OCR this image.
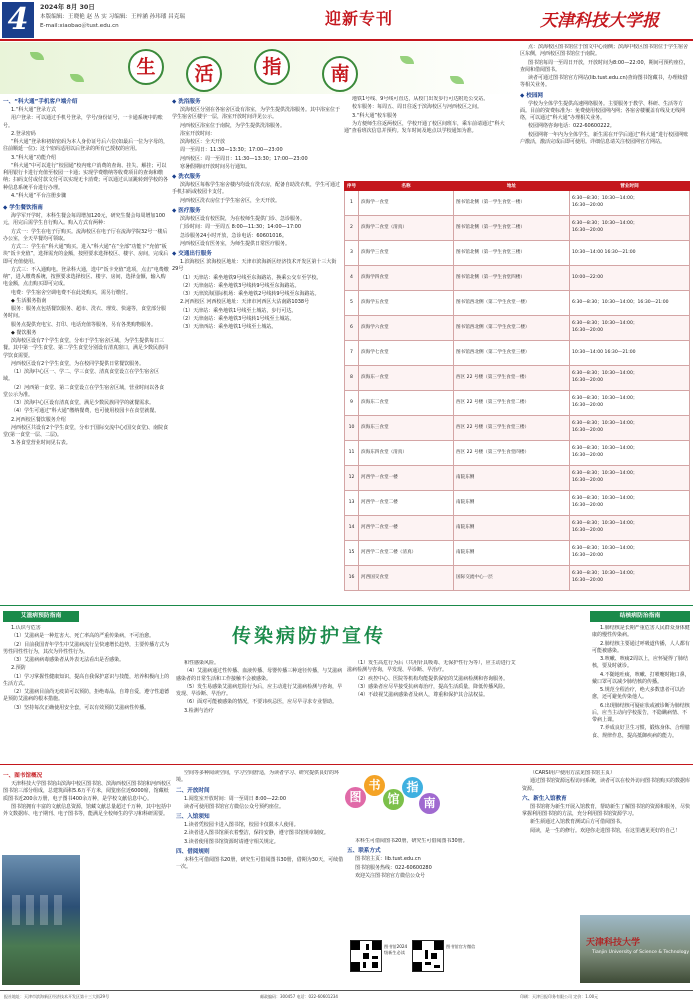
4	2024年 8月 30日
本版编辑：王晓艳 赵 丛 实 习编辑：王梓涵 孙玮璠 昌克瑞
E-mail:xiaobao＠tust.edu.cn	迎新专刊	天津科技大学报
生	活	指	南
一、“科大通”手机客户端介绍

1.“科大通”登录方式

用户登录：可以通过手机号登录，学号/身份证号，一卡通系统中的账号。

2.登录密码

“科大通”登录和初始密码为本人身份证号后六位(如最后一位为字母的，往前顺延一位)；这个密码适用以后登录的所有已授权的应用。

3.“科大通”功能介绍

“科大通”中可以进行“校园通”校内账户消费的查询、挂失、解挂；可以利用银行卡进行充值至校园一卡通；实现学费缴纳等收费项目的查询和缴纳；扫码支付或付款文付可以实现无卡消费；可以通过认证跳转到学校的各种信息系统平台进行办理。

4.“科大通”平台注册步骤

◆ 学生餐饮指南

海学军开学时，本科生餐会每周增加120元，研究生餐会每周增加100元，用完后需学生自行购入。购入方式有两种：

方式一：学生在电子厅购买。流海校区在电子厅在流海学院32号一楼后办公室，全天早餐均可领取。

方式二：学生在“科大通”购买。进入“科大通”在“全部”功能下“充值”板块“饭卡充值”，选择需充的金额，按照要求选择校区、楼宇、房间，完成后即可充值使用。

方式三：不入通购电。登录科大通，选中“饭卡充值”选项，点击“电费缴纳”，进入缴费系统，按照要求选择校区、楼宇、房间，选择金额，输入购电金额，点击购买即可完成。

电费：学生宿舍空调电费不在此处购买，需另行缴付。

◆ 生活服务指南

服务：服务点包括餐饮服务、超市、洗衣、理发、快递等，食堂部分服务时间。

服务点提供充电宝、打印、电话充值等服务，另有各类购物服务。

◆ 餐饮服务

滨海校区设有7个学生食堂，分布于学生宿舍区域，为学生提供每日三餐。其中第一学生食堂、第二学生食堂分别设有清真窗口，满足少数民族同学饮食需要。

河西校区设有2个学生食堂，为在校同学提供日常餐饮服务。

（1）滨海中心区一、学二、学三食堂、清真食堂设立在学生宿舍区域。

（2）河西第一食堂、第二食堂设立在学生宿舍区域，营业时间以各食堂公示为准。

（3）滨海中心区设有清真食堂，满足少数民族同学的就餐需求。

（4）学生可通过“科大通”缴纳餐费，也可使用校园卡在食堂就餐。

2.河西校区餐饮服务介绍

河西校区共设有2个学生食堂，分布于国际交流中心(国交食堂)、南院食堂(第一食堂一层、二层)。

3.各食堂营业时间见右表。

◆ 洗浴服务

滨海校区分别在各宿舍区设有浴室，为学生提供洗浴服务。其中浴室位于学生宿舍区楼宇一层，浴室开放时间详见公示。

河西校区浴室位于南院，为学生提供洗浴服务。

浴室开放时间：

滨海校区：全天开放

周一至周日：11:30—13:30；17:00—23:00

河西校区：周一至周日：11:30—13:30；17:00—23:00

寒暑假期间开放时间另行通知。

◆ 洗衣服务

滨海校区每栋学生宿舍楼内均设有洗衣房，配备自助洗衣机，学生可通过手机扫码或校园卡支付。

河西校区洗衣房位于学生宿舍区，全天开放。

◆ 医疗服务

滨海校区设有校医院，为在校师生提供门诊、急诊服务。

门诊时间：周一至周五 8:00—11:30；14:00—17:00

急诊服务24小时开放，急诊电话：60601016。

河西校区设有医务室，为师生提供日常医疗服务。

◆ 交通出行服务

1.滨海校区 滨海校区地址：天津市滨海新区经济技术开发区第十三大街29号

（1）天津站：乘坐地铁9号线至东海路站，换乘公交车至学校。

（2）天津南站：乘坐地铁3号线转9号线至东海路站。

（3）天津滨海国际机场：乘坐地铁2号线转9号线至东海路站。

2.河西校区 河西校区地址：天津市河西区大沽南路1038号

（1）天津站：乘坐地铁1号线至土城站，步行可达。

（2）天津南站：乘坐地铁3号线转1号线至土城站。

（3）天津西站：乘坐地铁1号线至土城站。

地铁1号线、9号线可直达，从校门出发步行可达附近公交站。

校车服务：每周五、周日往返于滨海校区与河西校区之间。

3.“科大通”校车服务

为方便师生往返两校区，学校开通了校区间班车，乘车前请通过“科大通”查看班次信息并预约。发车时间及地点以学校通知为准。

点：滨海校区图书馆位于图文中心南侧；滨海中校区图书馆位于学生宿舍区东侧，河西校区图书馆位于南院。

图书馆每周一至周日开放，开放时间为8:00—22:00，期间可预约座位，查阅和借阅图书。

读者可通过图书馆官方网站(lib.tust.edu.cn)查询图书馆藏书，办理续借等相关业务。

◆ 校园网

学校为全体学生提供高速网络服务。主要服务于教学、科研、生活等方面。目前的资费标准为：免费使用校园网内网；各宿舍楼覆盖有线及无线网络，可以通过“科大通”办理相关业务。

校园网络咨询电话：022-60600222。

校园网将一年内为全体学生，新生需在开学后通过“科大通”进行校园网账户激活，激活完成后即可使用。详细信息请关注校园网官方网站。

序号	名称	地址	营业时间
1	滨海学一食堂	图书馆北侧（第一学生食堂一楼）	6:30—8:30；10:30—14:00；
16:30—20:00

2	滨海学二食堂（清真）	图书馆北侧（第一学生食堂二楼）	6:30—8:30；10:30—14:00；
16:30—20:00

3	滨海学三食堂	图书馆北侧（第一学生食堂三楼）	10:30—14:00 16:30—21:00

4	滨海学四食堂	图书馆北侧（第一学生食堂四楼）	10:00—22:00

5	滨海学五食堂	图书馆西北侧（第二学生食堂一楼）	6:30—8:30；10:30—14:00；16:30—21:00

6	滨海学六食堂	图书馆西北侧（第二学生食堂二楼）	6:30—8:30；10:30—14:00；
16:30—20:00

7	滨海学七食堂	图书馆西北侧（第二学生食堂三楼）	10:30—14:00 16:30—21:00

8	滨海东一食堂	西区 22 号楼（第三学生食堂一楼）	6:30—8:30；10:30—14:00；
16:30—20:00

9	滨海东二食堂	西区 22 号楼（第三学生食堂二楼）	6:30—8:30；10:30—14:00；
16:30—20:00

10	滨海东三食堂	西区 22 号楼（第三学生食堂三楼）	6:30—8:30；10:30—14:00；
16:30—20:00

11	滨海东四食堂（清真）	西区 22 号楼（第三学生食堂四楼）	6:30—8:30；10:30—14:00；
16:30—20:00

12	河西学一食堂一楼	南院东侧	6:30—8:30；10:30—14:00；
16:30—20:00

13	河西学一食堂二楼	南院东侧	6:30—8:30；10:30—14:00；
16:30—20:00

14	河西学二食堂一楼	南院东侧	6:30—8:30；10:30—14:00；
16:30—20:00

15	河西学二食堂二楼（清真）	南院东侧	6:30—8:30；10:30—14:00；
16:30—20:00

16	河西国交食堂	国际交流中心一层	6:30—8:30；10:30—14:00；
16:30—20:00
艾滋病预防指南
传染病防护宣传
结核病防治指南

1.认识与危害

（1）艾滋病是一种危害大、死亡率高的严重传染病，不可治愈。

（2）目前我国青年学生中艾滋病流行呈快速增长趋势，主要传播方式为男性同性性行为，其次为异性性行为。

（3）艾滋病病毒感染者从外表无法看出是否感染。

2.预防

（1）学习掌握性健康知识，提高自我保护意识与技能，培养积极向上的生活方式。

（2）艾滋病目前尚无疫苗可以预防，拒绝毒品，自尊自爱，遵守性道德是预防艾滋病的根本措施。

（3）坚持每次正确使用安全套，可以有效预防艾滋病性传播。

和性感染风险。

（4）艾滋病通过性传播、血液传播、母婴传播三种途径传播，与艾滋病感染者的日常生活和工作接触不会被感染。

（5）发生易感染艾滋病危险行为后，应主动进行艾滋病检测与咨询，早发现、早诊断、早治疗。

（6）面对可能被感染的情况，不要讳疾忌医，应尽早寻求专业帮助。

3.检测与治疗

（1）发生高危行为后（共用针具吸毒、无保护性行为等），应主动进行艾滋病检测与咨询，早发现、早诊断、早治疗。

（2）疾控中心、医院等机构均能提供保密的艾滋病检测和咨询服务。

（3）感染者应尽早接受抗病毒治疗，提高生活质量，降低传播风险。

（4）不歧视艾滋病感染者及病人，尊重和保护其合法权益。

1.肺结核是长期严重危害人民群众身体健康的慢性传染病。

2.肺结核主要通过呼吸道传播，人人都有可能被感染。

3.咳嗽、咳痰2周以上，应怀疑得了肺结核，要及时就诊。

4.不随地吐痰，咳嗽、打喷嚏时掩口鼻，戴口罩可以减少肺结核的传播。

5.规范全程治疗，绝大多数患者可以治愈，还可避免传染他人。

6.出现肺结核可疑症状或被诊断为肺结核后，应当主动向学校报告，不隐瞒病情、不带病上课。

7.养成良好卫生习惯，锻炼身体、合理膳食、规律作息，提高抵御疾病的能力。

图
书
馆
指
南
一、图书馆概况

天津科技大学图书馆由滨海中校区图书馆、滨海西校区图书馆和河西校区图书馆三部分组成，总建筑面积5.6万平方米，阅览座位近6000席，馆藏纸质图书近200余万册，电子图书400余万种，是学校文献信息中心。

图书馆拥有丰富的文献信息资源，馆藏文献总量超过千万种，其中包括中外文数据库、电子期刊、电子图书等，能满足全校师生的学习和科研需要。

空间等多种阅读空间，学习空间舒适，为读者学习、研究提供良好的环境。

二、开放时间

1.阅览室开放时间：周一至周日 8:00—22:00

读者可使用图书馆官方微信公众号预约座位。

三、入馆须知

1.读者凭校园卡进入图书馆，校园卡仅限本人使用。

2.读者进入图书馆须衣着整洁，保持安静，遵守图书馆规章制度。

3.读者使用图书馆资源时请遵守相关规定。

四、借阅规则

本科生可借阅图书20册，研究生可借阅图书30册，借期为30天，可续借一次。

本科生可借阅图书20册，研究生可借阅图书30册。

五、联系方式

图书馆主页：lib.tust.edu.cn

图书馆服务热线：022-60600280

欢迎关注图书馆官方微信公众号

图书馆2024级新生必读
图书馆官方微信

（CARSI用户使用方法见图书馆主页）

通过图书馆资源远程访问系统，读者可以在校外访问图书馆购买的数据库资源。

六、新生入馆教育

图书馆将为新生开展入馆教育，帮助新生了解图书馆的资源和服务，尽快掌握利用图书馆的方法，充分利用图书馆资源学习。

新生须通过入馆教育测试后方可借阅图书。

阅读，是一生的修行。欢迎你走进图书馆，在这里遇见更好的自己！

天津科技大学
Tianjin University of Science & Technology
报社地址：天津市滨海新区经济技术开发区第十三大街29号	邮政编码：300457 电话：022-60601234	印刷：天津日报印务有限公司 定价：1.00元
